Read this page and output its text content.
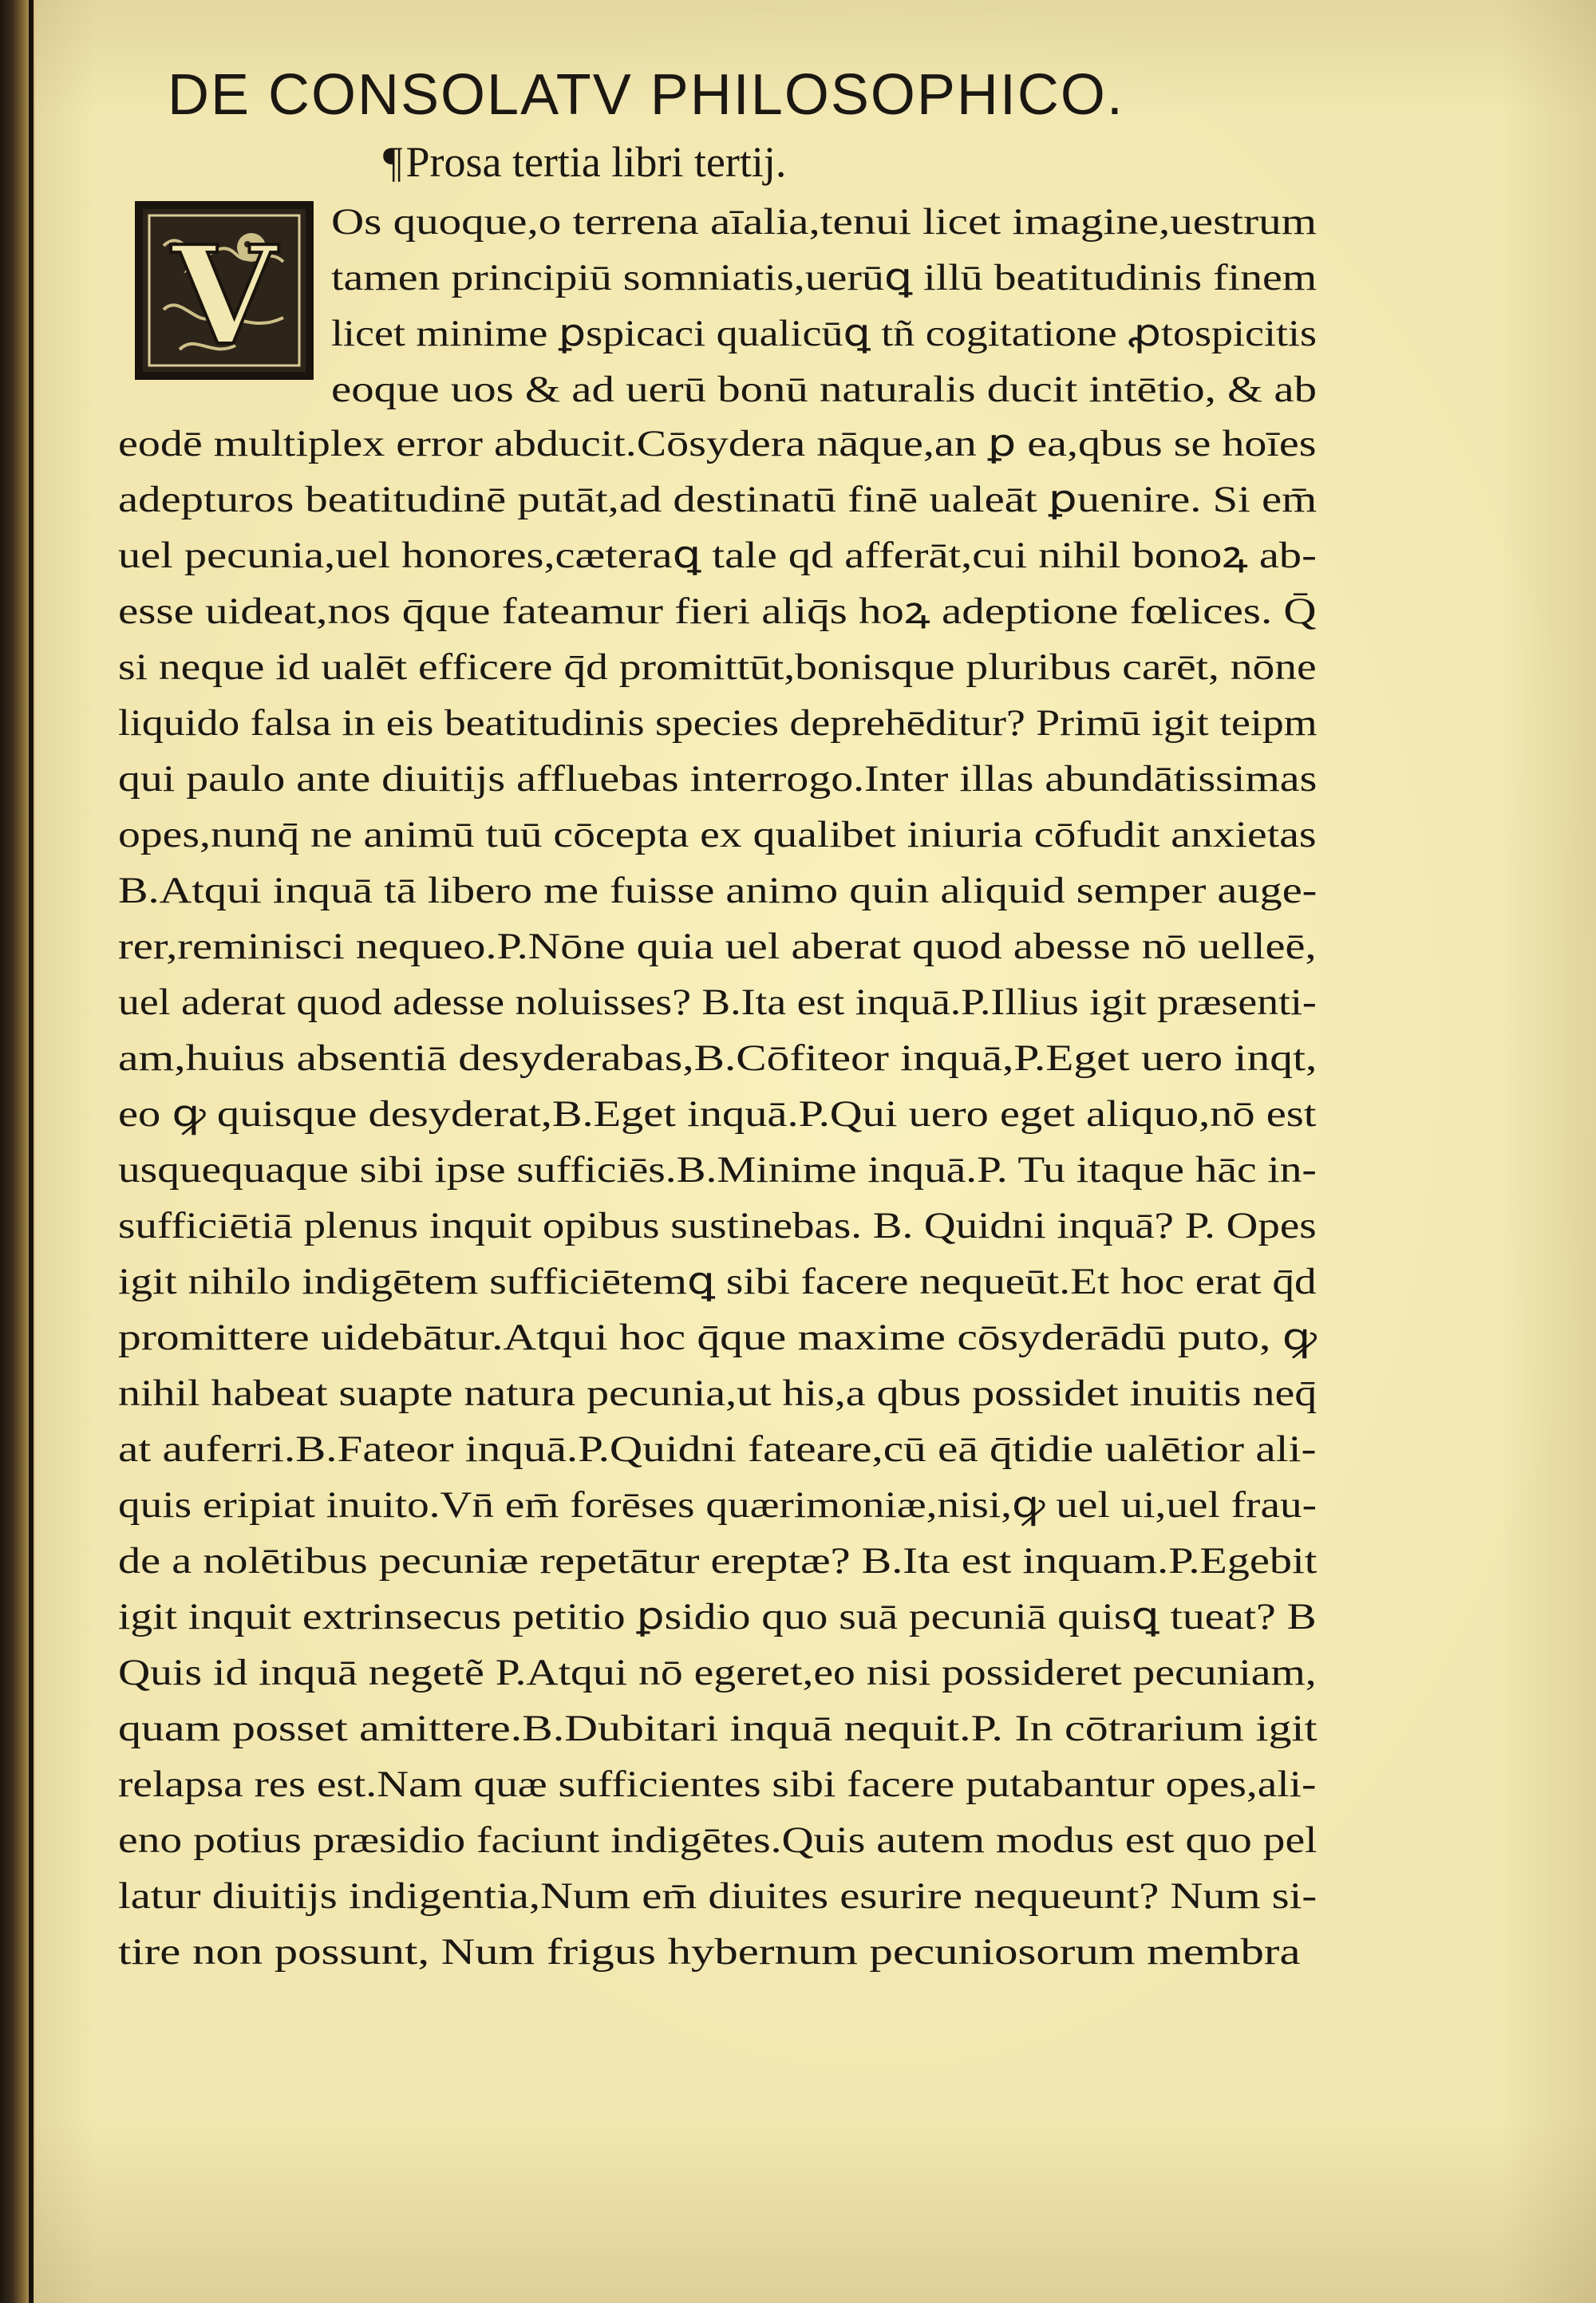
DE CONSOLATV PHILOSOPHICO.
¶Prosa tertia libri tertij.
V Os quoque,o terrena aīalia,tenui licet imagine,uestrum
tamen principiū somniatis,uerūꝗ illū beatitudinis finem
licet minime ꝑspicaci qualicūꝗ tñ cogitatione ꝓtospicitis
eoque uos & ad uerū bonū naturalis ducit intētio, & ab
eodē multiplex error abducit.Cōsydera nāque,an ꝑ ea,qbus se hoīes
adepturos beatitudinē putāt,ad destinatū finē ualeāt ꝑuenire. Si em̄
uel pecunia,uel honores,cæteraꝗ tale qd afferāt,cui nihil bonoꝝ ab-
esse uideat,nos q̄que fateamur fieri aliq̄s hoꝝ adeptione fœlices. Q̄
si neque id ualēt efficere q̄d promittūt,bonisque pluribus carēt, nōne
liquido falsa in eis beatitudinis species deprehēditur? Primū igit teipm
qui paulo ante diuitijs affluebas interrogo.Inter illas abundātissimas
opes,nunq̄ ne animū tuū cōcepta ex qualibet iniuria cōfudit anxietas
B.Atqui inquā tā libero me fuisse animo quin aliquid semper auge-
rer,reminisci nequeo.P.Nōne quia uel aberat quod abesse nō uelleē,
uel aderat quod adesse noluisses? B.Ita est inquā.P.Illius igit præsenti-
am,huius absentiā desyderabas,B.Cōfiteor inquā,P.Eget uero inqt,
eo ꝙ quisque desyderat,B.Eget inquā.P.Qui uero eget aliquo,nō est
usquequaque sibi ipse sufficiēs.B.Minime inquā.P. Tu itaque hāc in-
sufficiētiā plenus inquit opibus sustinebas. B. Quidni inquā? P. Opes
igit nihilo indigētem sufficiētemꝗ sibi facere nequeūt.Et hoc erat q̄d
promittere uidebātur.Atqui hoc q̄que maxime cōsyderādū puto, ꝙ
nihil habeat suapte natura pecunia,ut his,a qbus possidet inuitis neq̄
at auferri.B.Fateor inquā.P.Quidni fateare,cū eā q̄tidie ualētior ali-
quis eripiat inuito.Vn̄ em̄ forēses quærimoniæ,nisi,ꝙ uel ui,uel frau-
de a nolētibus pecuniæ repetātur ereptæ? B.Ita est inquam.P.Egebit
igit inquit extrinsecus petitio ꝑsidio quo suā pecuniā quisꝗ tueat? B
Quis id inquā negetẽ P.Atqui nō egeret,eo nisi possideret pecuniam,
quam posset amittere.B.Dubitari inquā nequit.P. In cōtrarium igit
relapsa res est.Nam quæ sufficientes sibi facere putabantur opes,ali-
eno potius præsidio faciunt indigētes.Quis autem modus est quo pel
latur diuitijs indigentia,Num em̄ diuites esurire nequeunt? Num si-
tire non possunt, Num frigus hybernum pecuniosorum membra
